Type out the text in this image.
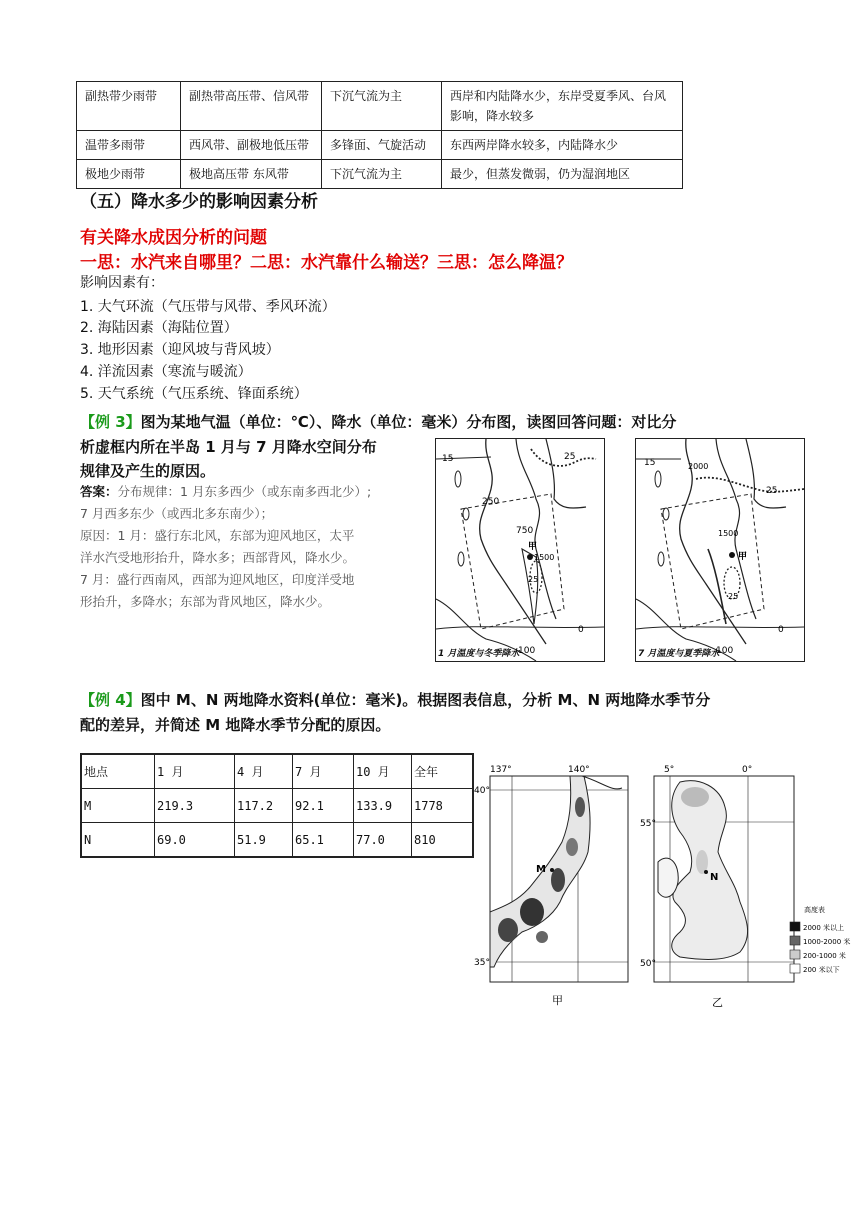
副热带少雨带	副热带高压带、信风带	下沉气流为主	西岸和内陆降水少，东岸受夏季风、台风影响，降水较多
温带多雨带	西风带、副极地低压带	多锋面、气旋活动	东西两岸降水较多，内陆降水少
极地少雨带	极地高压带 东风带	下沉气流为主	最少，但蒸发微弱，仍为湿润地区
（五）降水多少的影响因素分析
有关降水成因分析的问题
一思：水汽来自哪里？二思：水汽靠什么输送？三思：怎么降温？
影响因素有：
1. 大气环流（气压带与风带、季风环流）
2. 海陆因素（海陆位置）
3. 地形因素（迎风坡与背风坡）
4. 洋流因素（寒流与暖流）
5. 天气系统（气压系统、锋面系统）
【例 3】图为某地气温（单位：℃）、降水（单位：毫米）分布图，读图回答问题：对比分
析虚框内所在半岛 1 月与 7 月降水空间分布
规律及产生的原因。
答案：分布规律：1 月东多西少（或东南多西北少）;
7 月西多东少（或西北多东南少）；
原因：1 月：盛行东北风，东部为迎风地区，太平
洋水汽受地形抬升，降水多；西部背风，降水少。
7 月：盛行西南风，西部为迎风地区，印度洋受地
形抬升，多降水；东部为背风地区，降水少。
15	25
250
750
甲
1500
25
100
0
1 月温度与冬季降水
15	2000
25
1500
甲
25
100
0
7 月温度与夏季降水
【例 4】图中 M、N 两地降水资料(单位：毫米)。根据图表信息，分析 M、N 两地降水季节分
配的差异，并简述 M 地降水季节分配的原因。
地点	1 月	4 月	7 月	10 月	全年
M	219.3	117.2	92.1	133.9	1778
N	69.0	51.9	65.1	77.0	810
137°	140°
40°
35°
M
甲
5°	0°
55°
50°
N
乙
高度表
2000 米以上
1000-2000 米
200-1000 米
200 米以下
